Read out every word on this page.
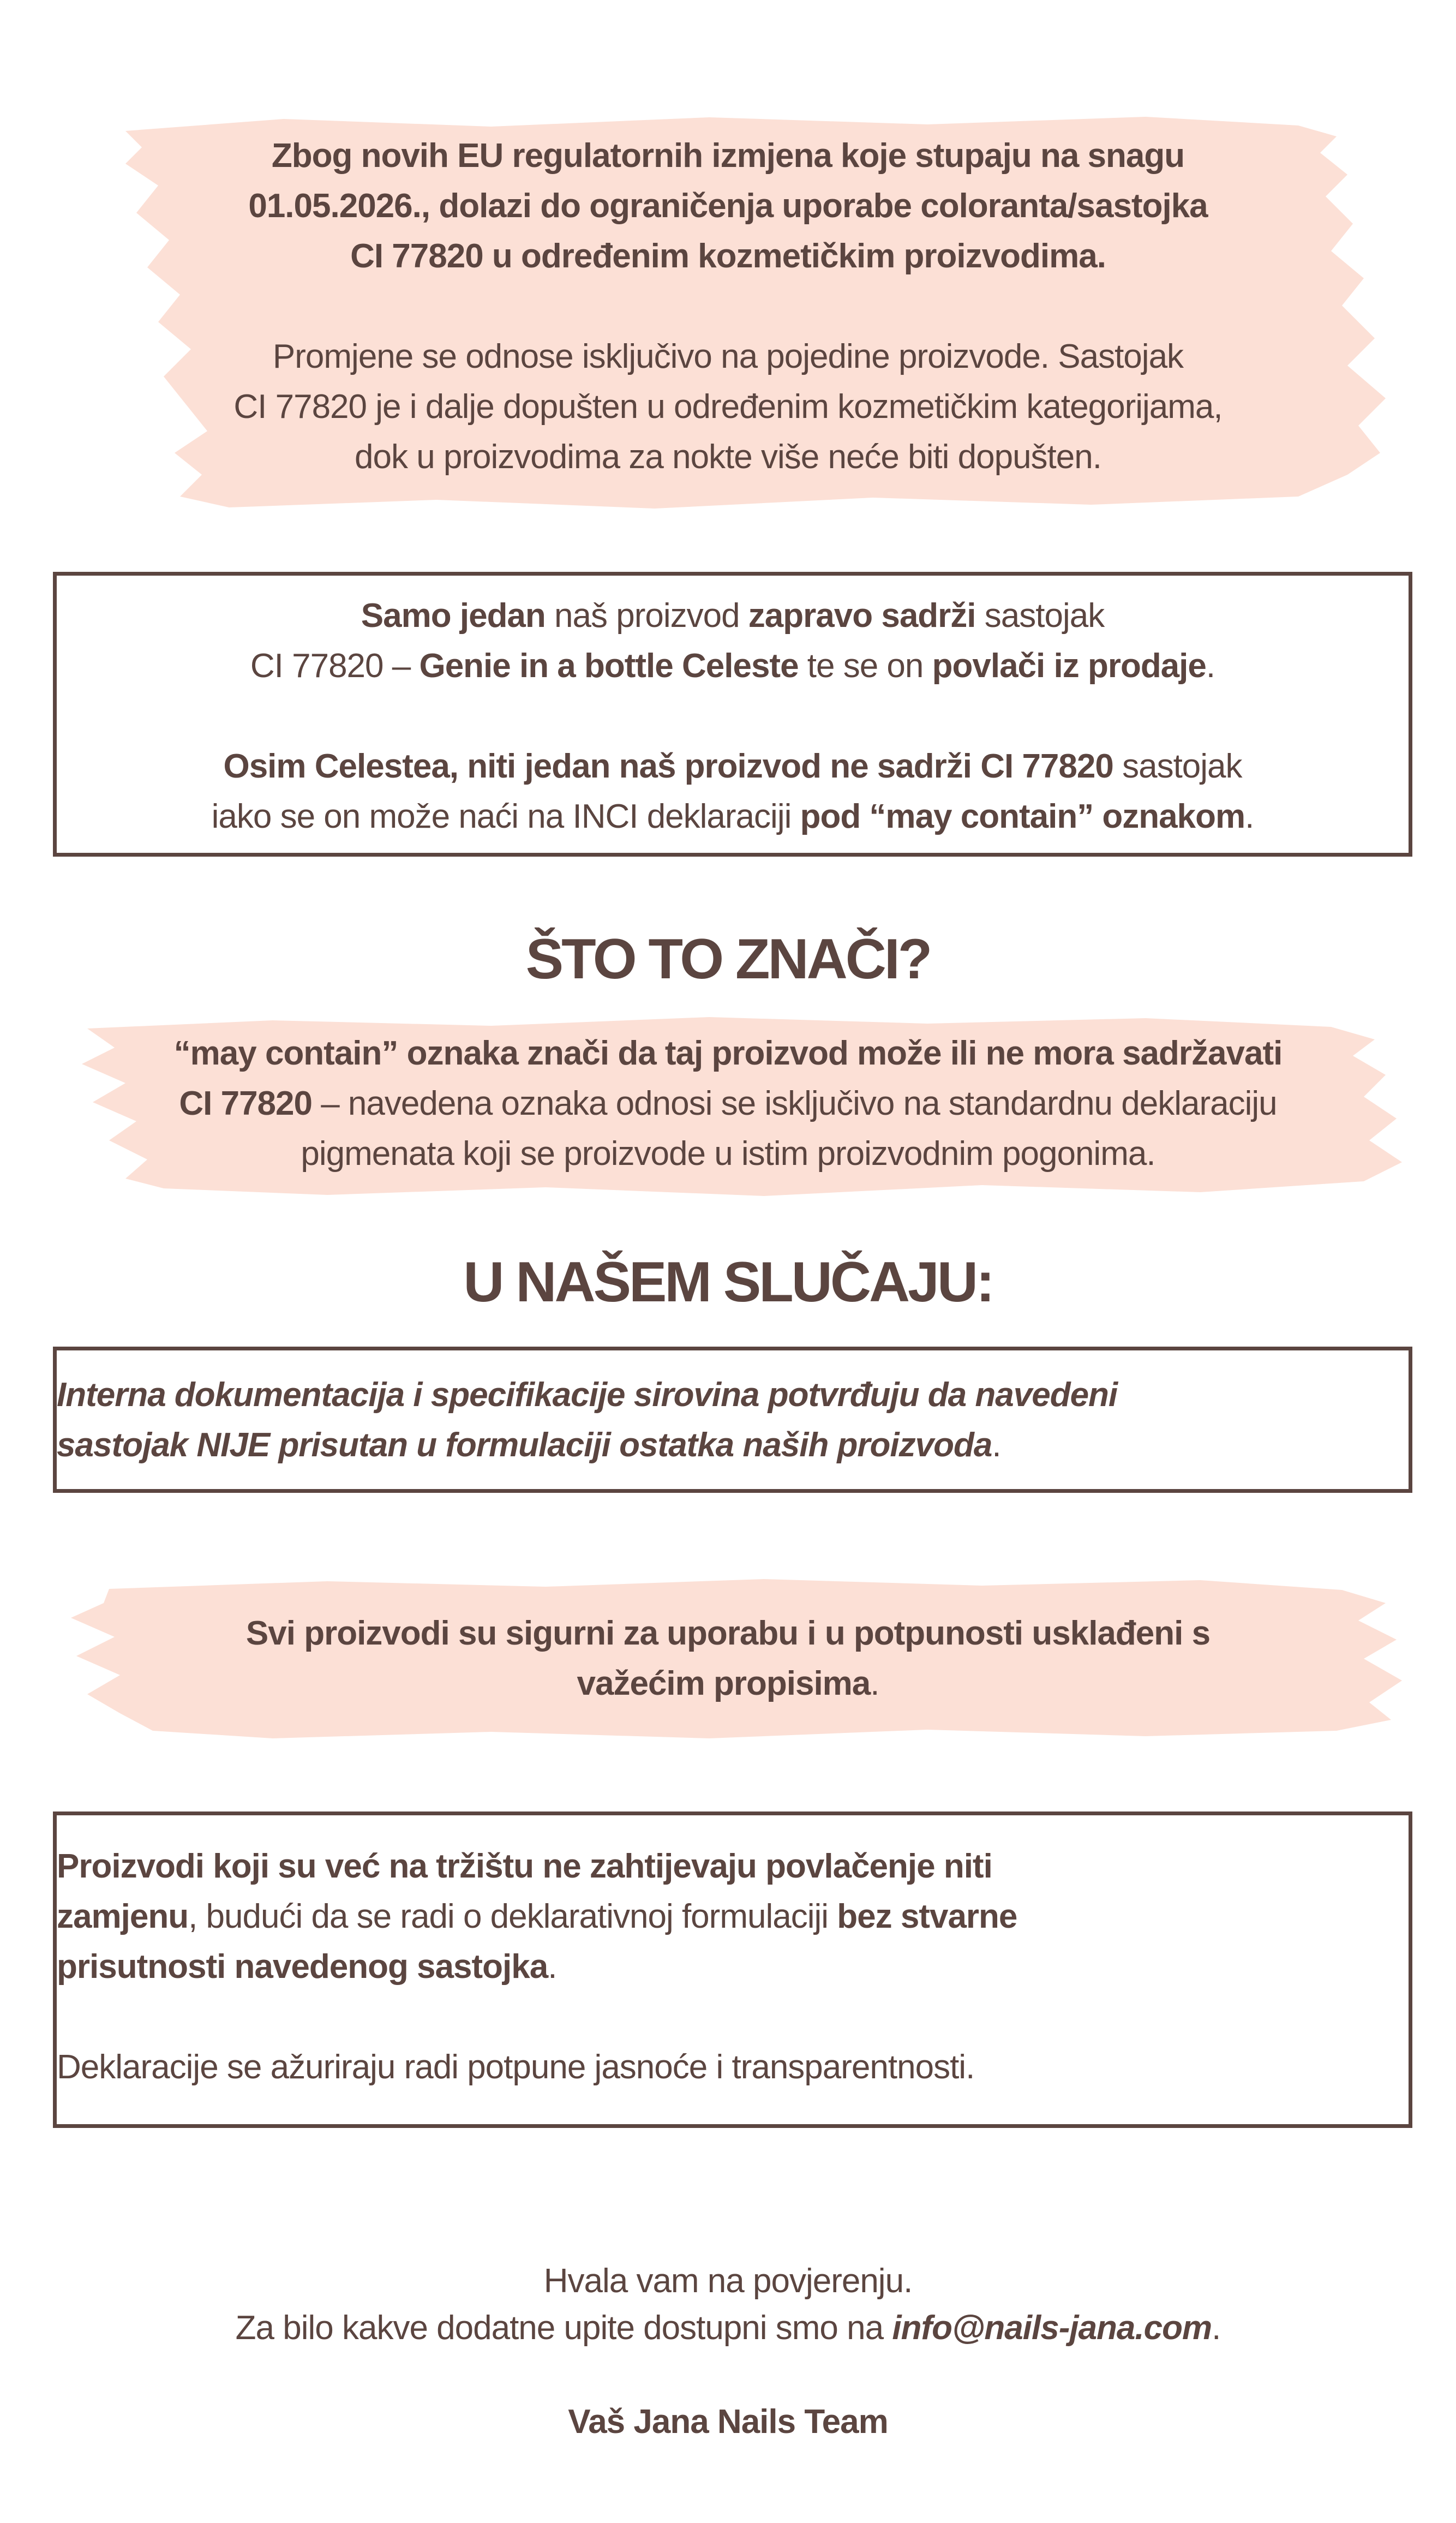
Zbog novih EU regulatornih izmjena koje stupaju na snagu
01.05.2026., dolazi do ograničenja uporabe coloranta/sastojka
CI 77820 u određenim kozmetičkim proizvodima.

Promjene se odnose isključivo na pojedine proizvode. Sastojak
CI 77820 je i dalje dopušten u određenim kozmetičkim kategorijama,
dok u proizvodima za nokte više neće biti dopušten.

Samo jedan naš proizvod zapravo sadrži sastojak
CI 77820 – Genie in a bottle Celeste te se on povlači iz prodaje.

Osim Celestea, niti jedan naš proizvod ne sadrži CI 77820 sastojak
iako se on može naći na INCI deklaraciji pod “may contain” oznakom.

ŠTO TO ZNAČI?
“may contain” oznaka znači da taj proizvod može ili ne mora sadržavati
CI 77820 – navedena oznaka odnosi se isključivo na standardnu deklaraciju
pigmenata koji se proizvode u istim proizvodnim pogonima.
U NAŠEM SLUČAJU:
Interna dokumentacija i specifikacije sirovina potvrđuju da navedeni
sastojak NIJE prisutan u formulaciji ostatka naših proizvoda.
Svi proizvodi su sigurni za uporabu i u potpunosti usklađeni s
važećim propisima.

Proizvodi koji su već na tržištu ne zahtijevaju povlačenje niti
zamjenu, budući da se radi o deklarativnoj formulaciji bez stvarne
prisutnosti navedenog sastojka.

Deklaracije se ažuriraju radi potpune jasnoće i transparentnosti.

Hvala vam na povjerenju.
Za bilo kakve dodatne upite dostupni smo na info@nails-jana.com.
Vaš Jana Nails Team
